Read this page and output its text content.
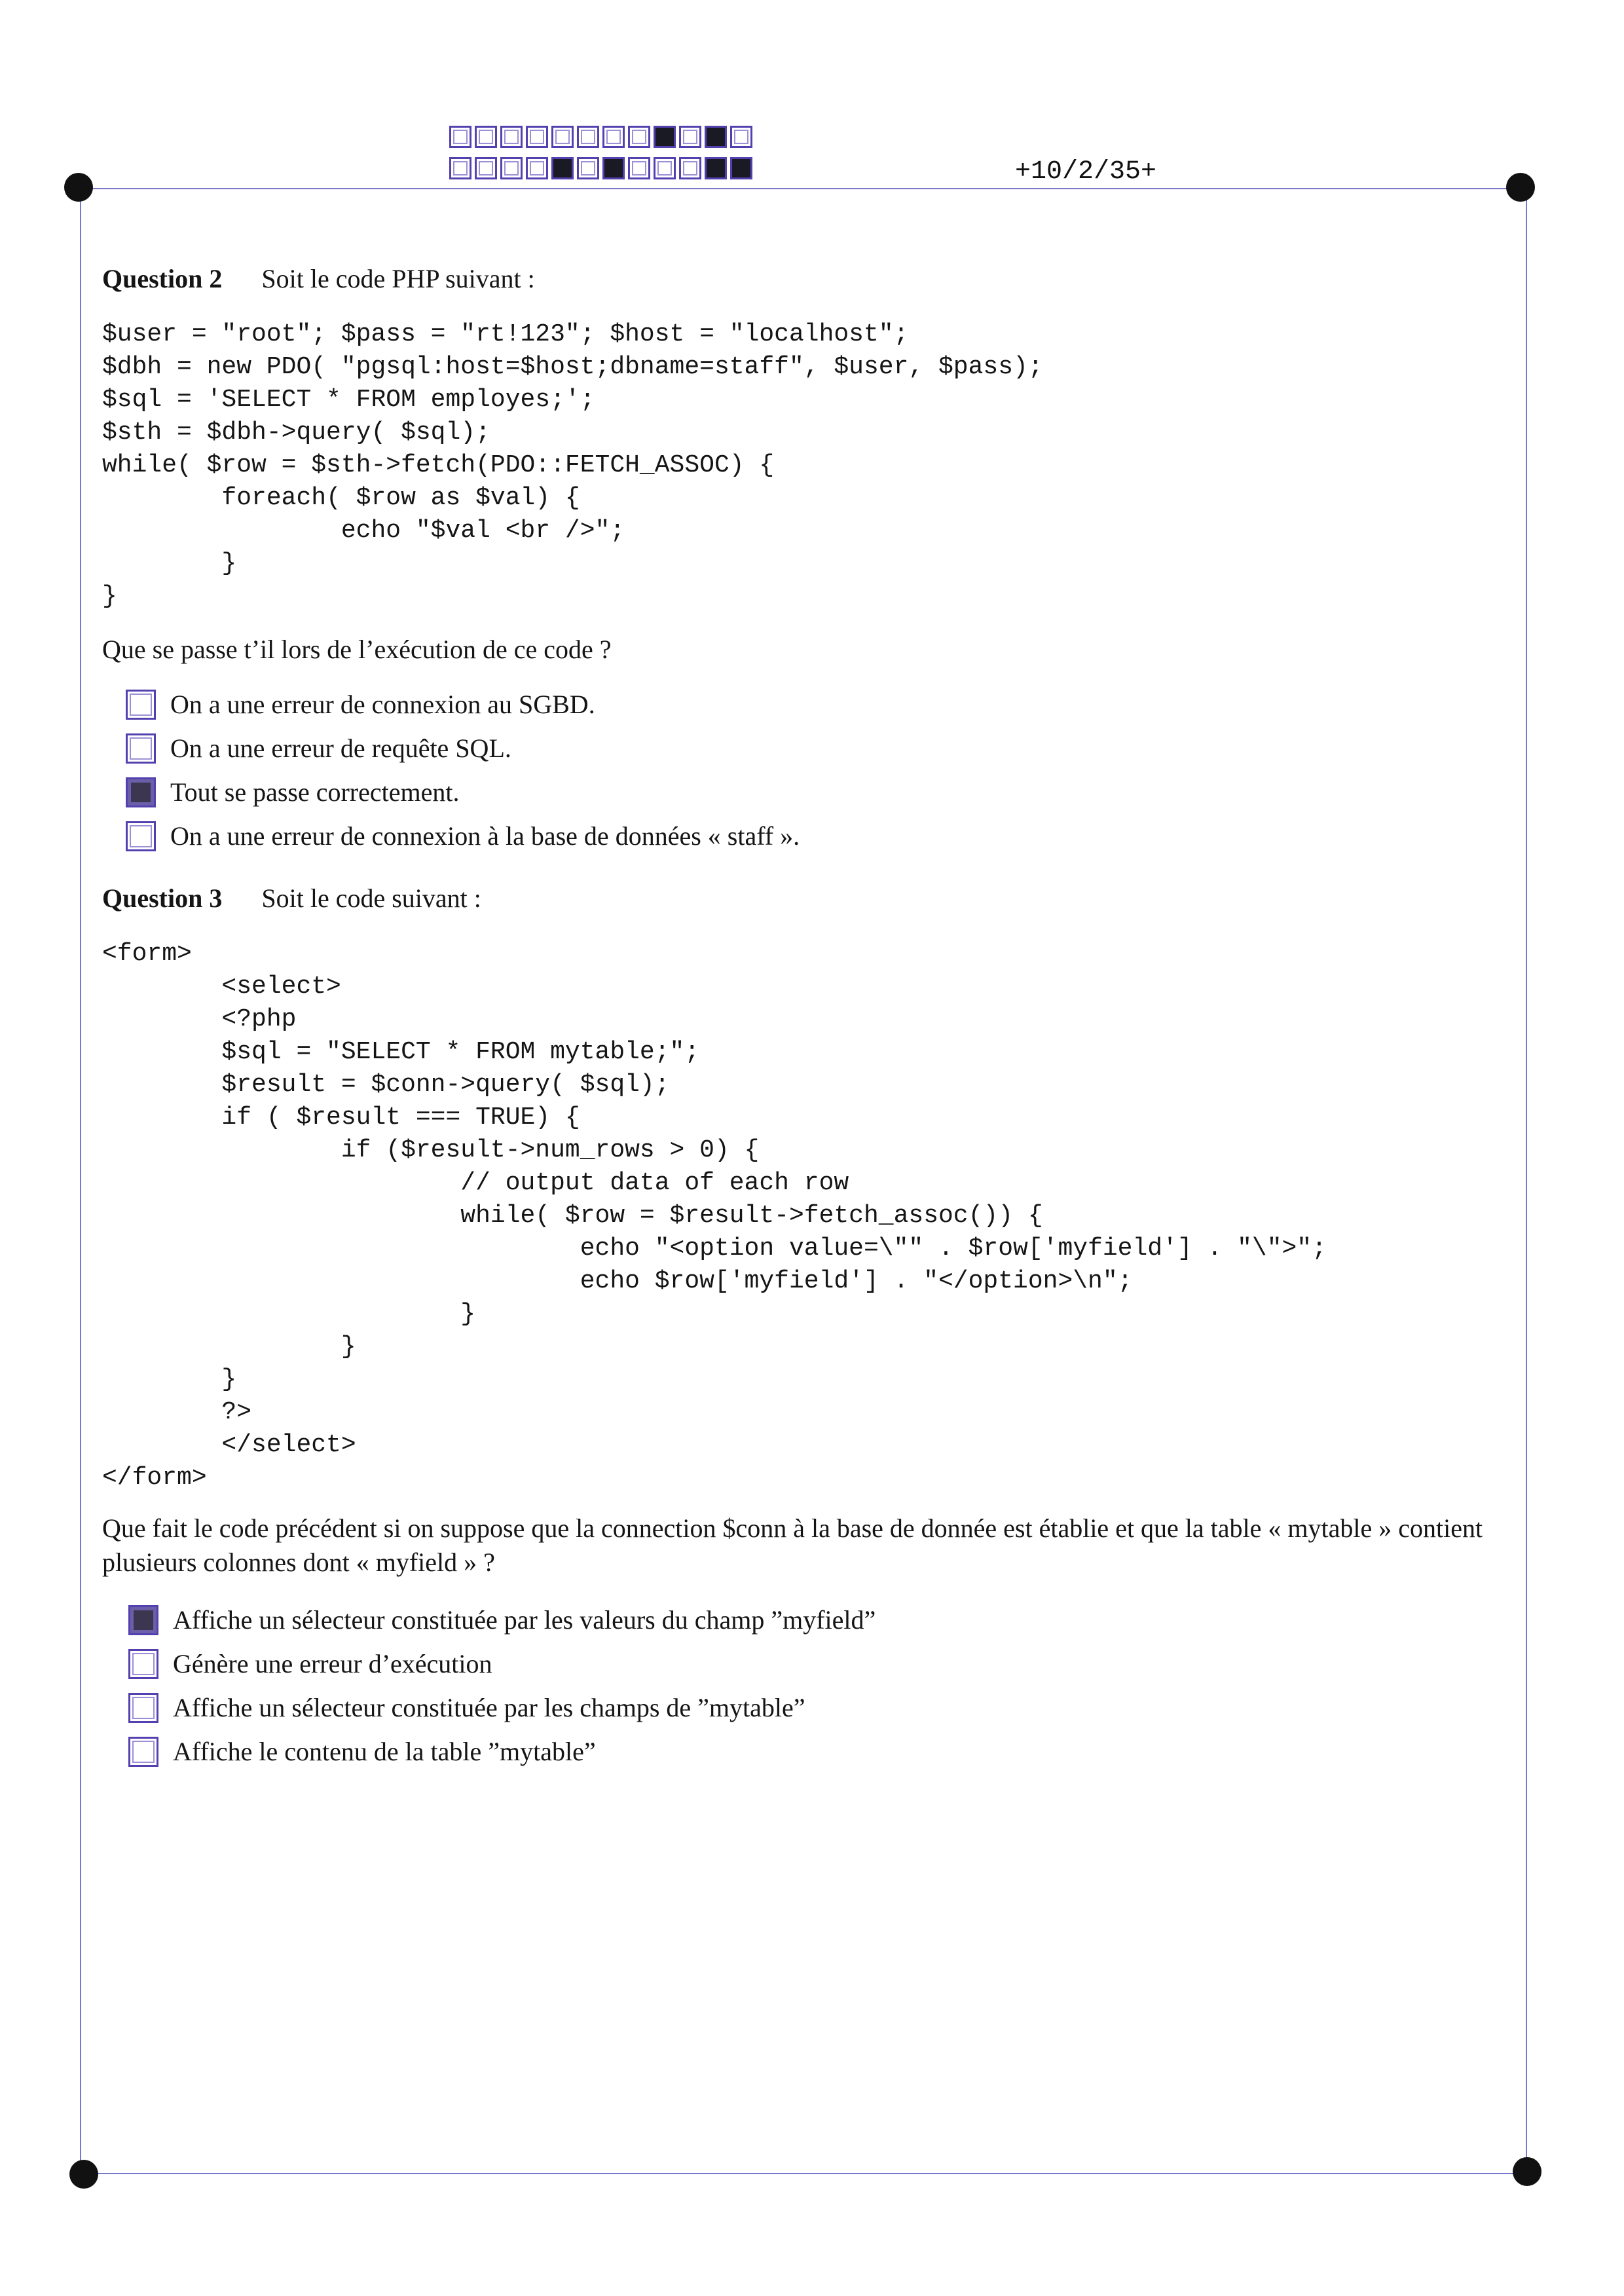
+10/2/35+
Question 2 Soit le code PHP suivant :
$user = "root"; $pass = "rt!123"; $host = "localhost";
$dbh = new PDO( "pgsql:host=$host;dbname=staff", $user, $pass);
$sql = 'SELECT * FROM employes;';
$sth = $dbh->query( $sql);
while( $row = $sth->fetch(PDO::FETCH_ASSOC) {
foreach( $row as $val) {
echo "$val <br />";
}
}
Que se passe t’il lors de l’exécution de ce code ?
On a une erreur de connexion au SGBD.
On a une erreur de requête SQL.
Tout se passe correctement.
On a une erreur de connexion à la base de données « staff ».
Question 3 Soit le code suivant :
<form>
<select>
<?php
$sql = "SELECT * FROM mytable;";
$result = $conn->query( $sql);
if ( $result === TRUE) {
if ($result->num_rows > 0) {
// output data of each row
while( $row = $result->fetch_assoc()) {
echo "<option value=\"" . $row['myfield'] . "\">";
echo $row['myfield'] . "</option>\n";
}
}
}
?>
</select>
</form>
Que fait le code précédent si on suppose que la connection $conn à la base de donnée est établie et que la table « mytable » contient plusieurs colonnes dont « myfield » ?
Affiche un sélecteur constituée par les valeurs du champ ”myfield”
Génère une erreur d’exécution
Affiche un sélecteur constituée par les champs de ”mytable”
Affiche le contenu de la table ”mytable”
